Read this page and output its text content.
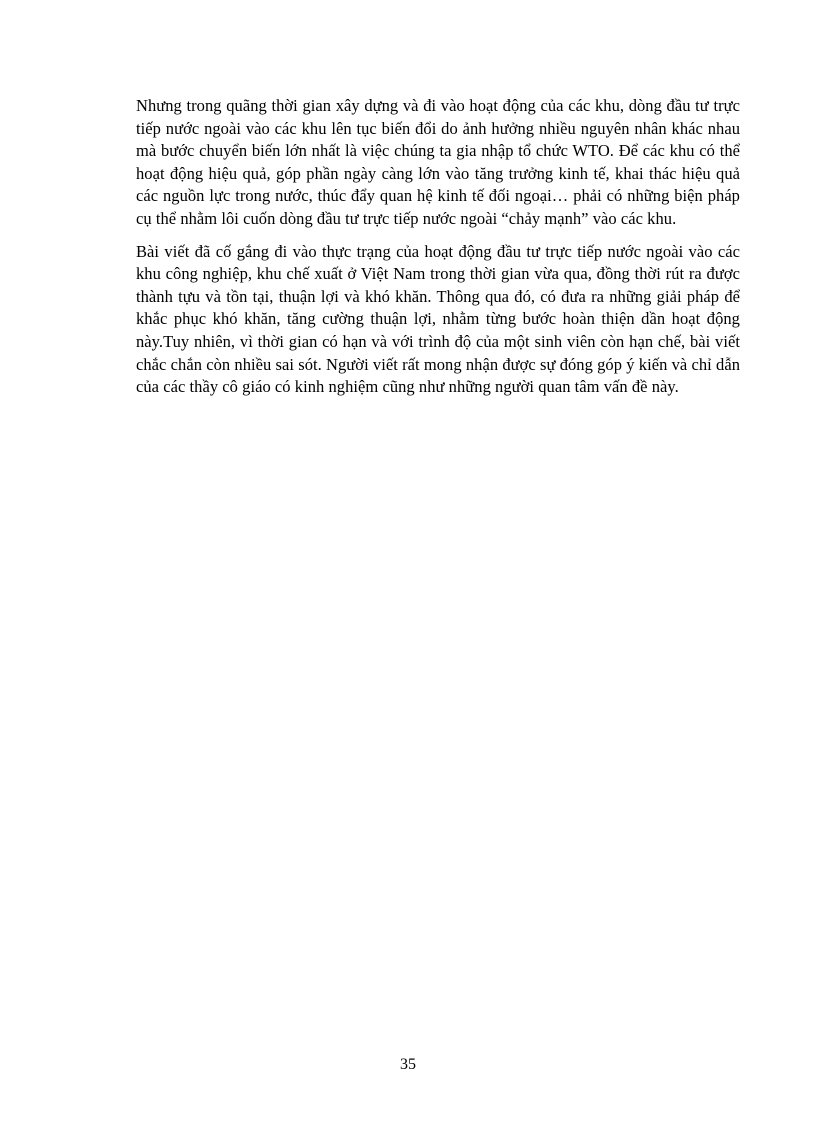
Nhưng trong quãng thời gian xây dựng và đi vào hoạt động của các khu, dòng đầu tư trực tiếp nước ngoài vào các khu lên tục biến đổi do ảnh hưởng nhiều nguyên nhân khác nhau mà bước chuyển biến lớn nhất là việc chúng ta gia nhập tổ chức WTO. Để các khu có thể hoạt động hiệu quả, góp phần ngày càng lớn vào tăng trưởng kinh tế, khai thác hiệu quả các nguồn lực trong nước, thúc đẩy quan hệ kinh tế đối ngoại… phải có những biện pháp cụ thể nhằm lôi cuốn dòng đầu tư trực tiếp nước ngoài “chảy mạnh” vào các khu.

Bài viết đã cố gắng đi vào thực trạng của hoạt động đầu tư trực tiếp nước ngoài vào các khu công nghiệp, khu chế xuất ở Việt Nam trong thời gian vừa qua, đồng thời rút ra được thành tựu và tồn tại, thuận lợi và khó khăn. Thông qua đó, có đưa ra những giải pháp để khắc phục khó khăn, tăng cường thuận lợi, nhằm từng bước hoàn thiện dần hoạt động này.Tuy nhiên, vì thời gian có hạn và với trình độ của một sinh viên còn hạn chế, bài viết chắc chắn còn nhiều sai sót. Người viết rất mong nhận được sự đóng góp ý kiến và chỉ dẫn của các thầy cô giáo có kinh nghiệm cũng như những người quan tâm vấn đề này.

35
